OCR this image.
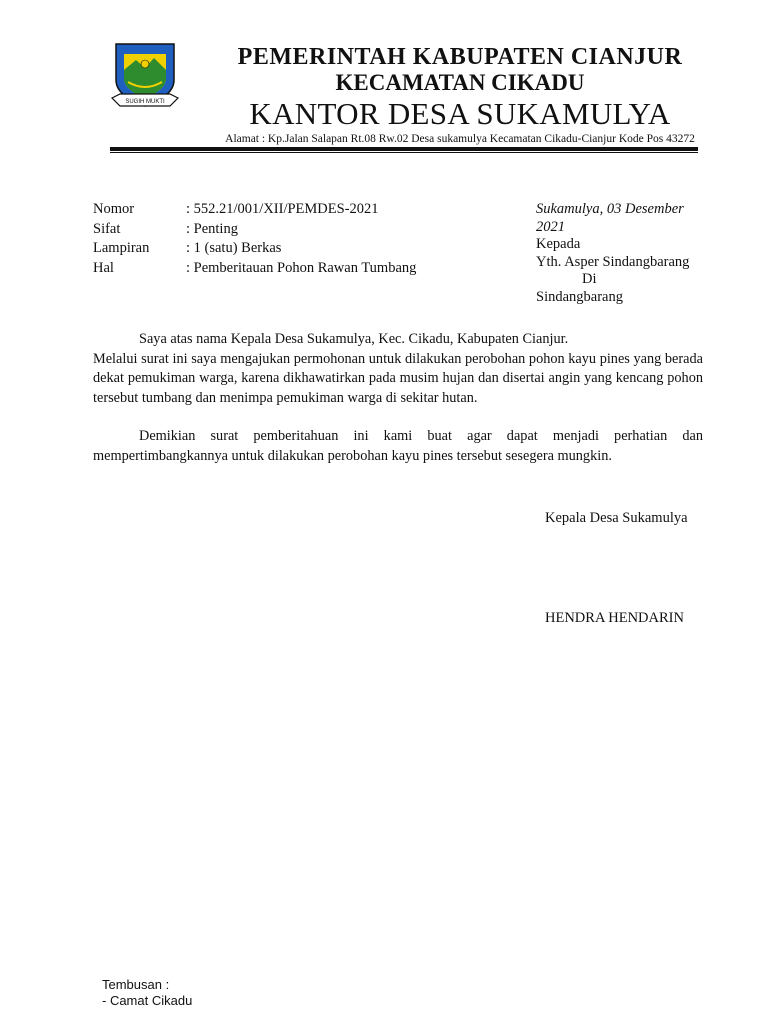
SUGIH MUKTI
PEMERINTAH KABUPATEN CIANJUR
KECAMATAN CIKADU
KANTOR DESA SUKAMULYA
Alamat : Kp.Jalan Salapan Rt.08 Rw.02 Desa sukamulya Kecamatan Cikadu-Cianjur Kode Pos 43272
Nomor	: 552.21/001/XII/PEMDES-2021
Sifat	: Penting
Lampiran	: 1 (satu) Berkas
Hal	: Pemberitauan Pohon Rawan Tumbang
Sukamulya, 03 Desember 2021
Kepada
Yth. Asper Sindangbarang
Di
Sindangbarang

Saya atas nama Kepala Desa Sukamulya, Kec. Cikadu, Kabupaten Cianjur.

Melalui surat ini saya mengajukan permohonan untuk dilakukan perobohan pohon kayu pines yang berada dekat pemukiman warga, karena dikhawatirkan pada musim hujan dan disertai angin yang kencang pohon tersebut tumbang dan menimpa pemukiman warga di sekitar hutan.

Demikian surat pemberitahuan ini kami buat agar dapat menjadi perhatian dan mempertimbangkannya untuk dilakukan perobohan kayu pines tersebut sesegera mungkin.

Kepala Desa Sukamulya
HENDRA HENDARIN
Tembusan :
- Camat Cikadu
